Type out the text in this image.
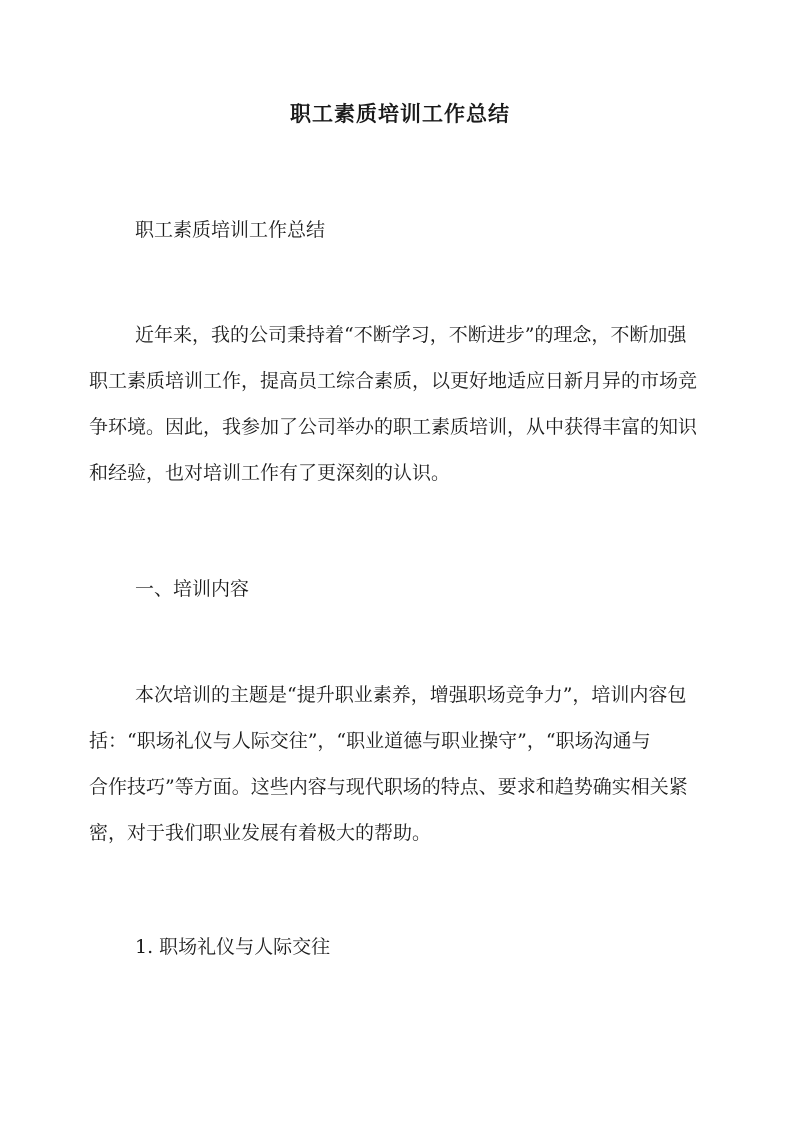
职工素质培训工作总结
职工素质培训工作总结
近年来，我的公司秉持着“不断学习，不断进步”的理念，不断加强
职工素质培训工作，提高员工综合素质，以更好地适应日新月异的市场竞
争环境。因此，我参加了公司举办的职工素质培训，从中获得丰富的知识
和经验，也对培训工作有了更深刻的认识。
一、培训内容
本次培训的主题是“提升职业素养，增强职场竞争力”，培训内容包
括：“职场礼仪与人际交往”，“职业道德与职业操守”，“职场沟通与
合作技巧”等方面。这些内容与现代职场的特点、要求和趋势确实相关紧
密，对于我们职业发展有着极大的帮助。
1. 职场礼仪与人际交往
